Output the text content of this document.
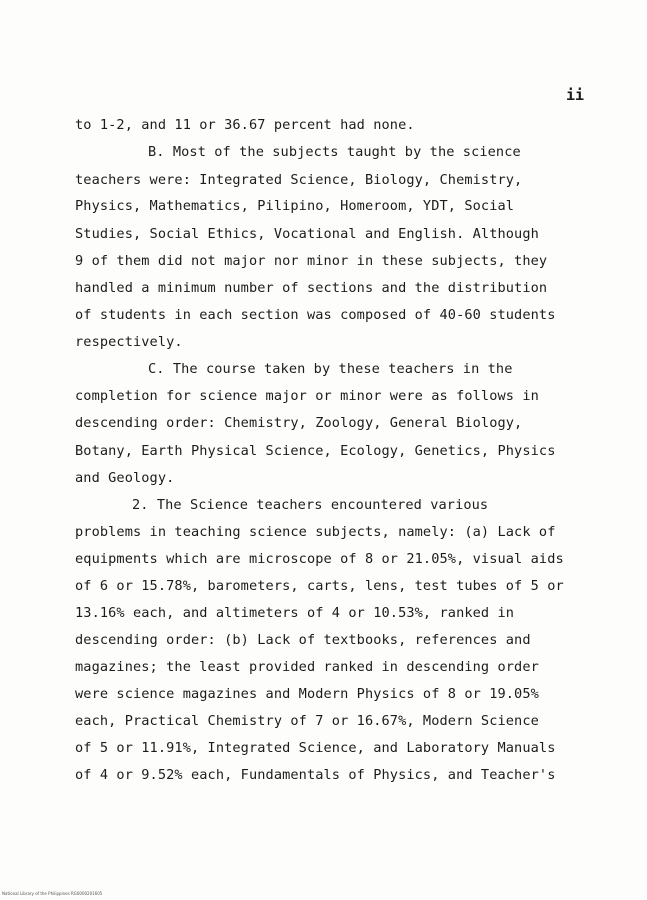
ii
to 1-2, and 11 or 36.67 percent had none.
B. Most of the subjects taught by the science
teachers were: Integrated Science, Biology, Chemistry,
Physics, Mathematics, Pilipino, Homeroom, YDT, Social
Studies, Social Ethics, Vocational and English. Although
9 of them did not major nor minor in these subjects, they
handled a minimum number of sections and the distribution
of students in each section was composed of 40-60 students
respectively.
C. The course taken by these teachers in the
completion for science major or minor were as follows in
descending order: Chemistry, Zoology, General Biology,
Botany, Earth Physical Science, Ecology, Genetics, Physics
and Geology.
2. The Science teachers encountered various
problems in teaching science subjects, namely: (a) Lack of
equipments which are microscope of 8 or 21.05%, visual aids
of 6 or 15.78%, barometers, carts, lens, test tubes of 5 or
13.16% each, and altimeters of 4 or 10.53%, ranked in
descending order: (b) Lack of textbooks, references and
magazines; the least provided ranked in descending order
were science magazines and Modern Physics of 8 or 19.05%
each, Practical Chemistry of 7 or 16.67%, Modern Science
of 5 or 11.91%, Integrated Science, and Laboratory Manuals
of 4 or 9.52% each, Fundamentals of Physics, and Teacher's
National Library of the Philippines RG0000201605
